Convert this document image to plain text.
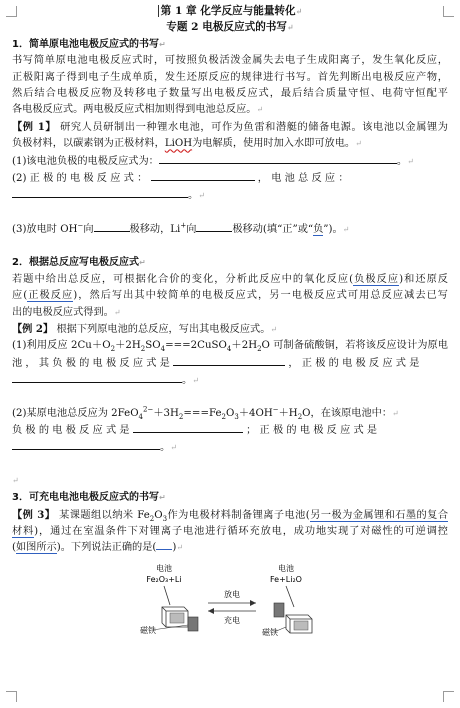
第 1 章 化学反应与能量转化↵
专题 2 电极反应式的书写↵
1．简单原电池电极反应式的书写↵
书写简单原电池电极反应式时，可按照负极活泼金属失去电子生成阳离子，发生氧化反应，
正极阳离子得到电子生成单质，发生还原反应的规律进行书写。首先判断出电极反应产物，
然后结合电极反应物及转移电子数量写出电极反应式，最后结合质量守恒、电荷守恒配平
各电极反应式。两电极反应式相加则得到电池总反应。↵
【例 1】 研究人员研制出一种锂水电池，可作为鱼雷和潜艇的储备电源。该电池以金属锂为
负极材料，以碳素钢为正极材料，LiOH为电解质，使用时加入水即可放电。↵
(1)该电池负极的电极反应式为：	。↵
(2) 正 极 的 电 极 反 应 式 ：	， 电 池 总 反 应 ：
。↵
(3)放电时 OH−向	极移动，Li+向	极移动(填“正”或“负”)。↵
2．根据总反应写电极反应式↵
若题中给出总反应，可根据化合价的变化，分析此反应中的氧化反应(负极反应)和还原反
应(正极反应)，然后写出其中较简单的电极反应式，另一电极反应式可用总反应减去已写
出的电极反应式得到。↵
【例 2】 根据下列原电池的总反应，写出其电极反应式。↵
(1)利用反应 $2Cu+O_2+2H_2SO_4===2CuSO_4+2H_2O$ 可制备硫酸铜，若将该反应设计为原电
池 ， 其 负 极 的 电 极 反 应 式 是	， 正 极 的 电 极 反 应 式 是
。↵
(2)某原电池总反应为 $2FeO_4^{2-}+3H_2===Fe_2O_3+4OH^-+H_2O$，在该原电池中：↵
负 极 的 电 极 反 应 式 是	； 正 极 的 电 极 反 应 式 是
。↵
↵
3．可充电电池电极反应式的书写↵
【例 3】 某课题组以纳米 $Fe_2O_3$作为电极材料制备锂离子电池(另一极为金属锂和石墨的复合
材料)，通过在室温条件下对锂离子电池进行循环充放电，成功地实现了对磁性的可逆调控
(如图所示)。下列说法正确的是( )↵
电池
Fe₂O₃+Li
磁铁
放电
充电
电池
Fe+Li₂O
磁铁
